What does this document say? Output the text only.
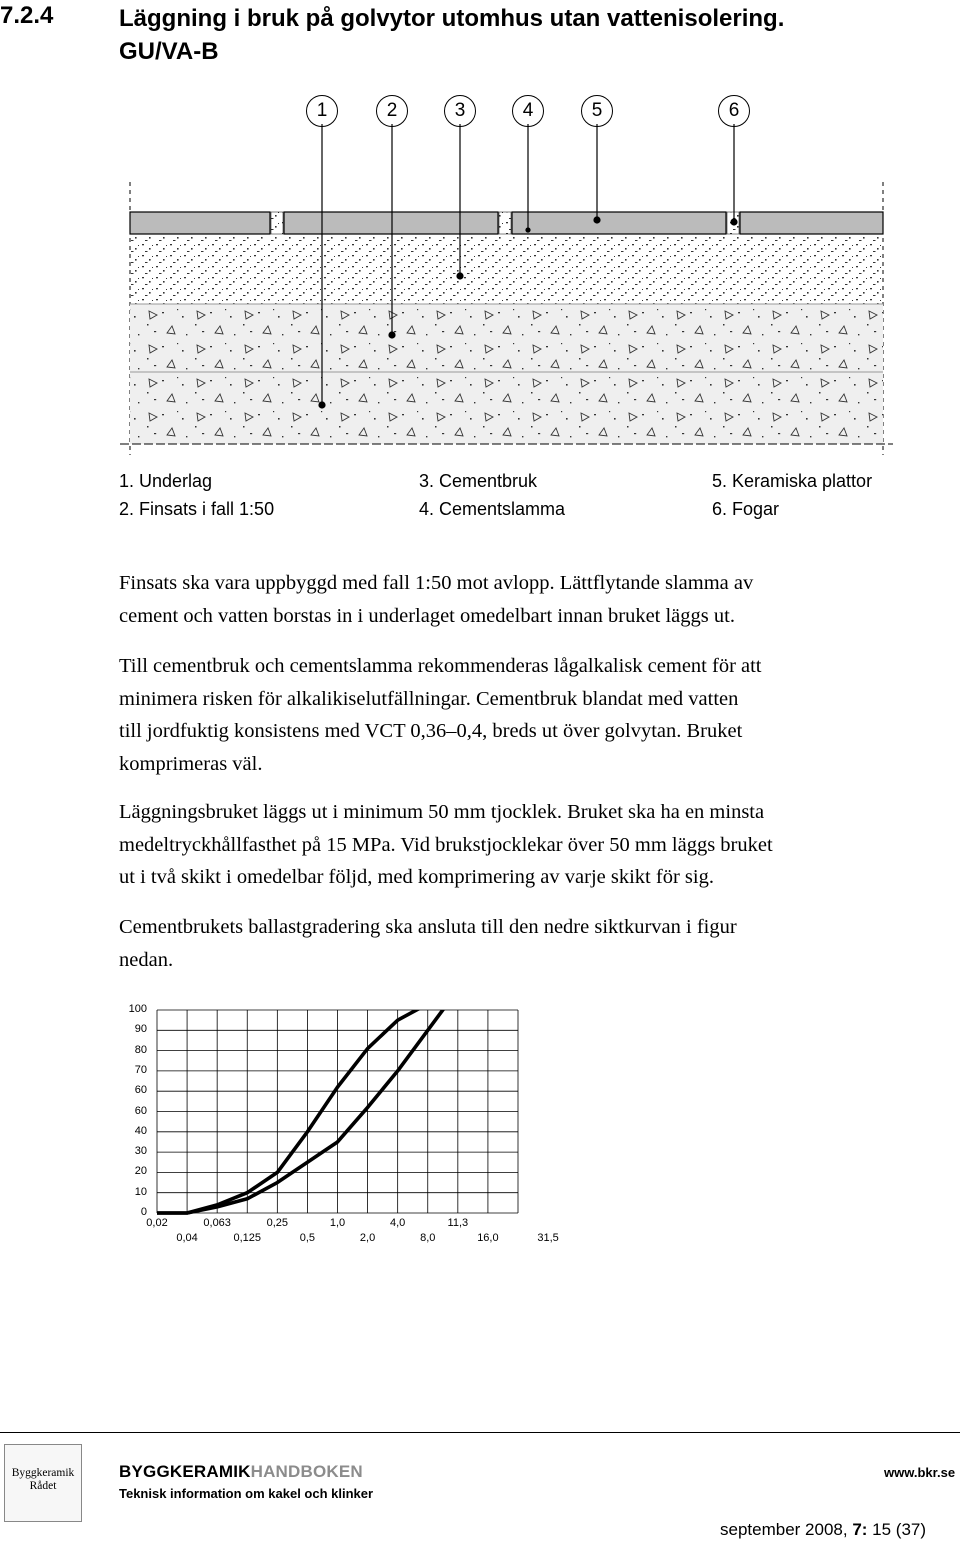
7.2.4	Läggning i bruk på golvytor utomhus utan vattenisolering.
GU/VA-B
1	2	3	4	5	6
1. Underlag
2. Finsats i fall 1:50
3. Cementbruk
4. Cementslamma
5. Keramiska plattor
6. Fogar
Finsats ska vara uppbyggd med fall 1:50 mot avlopp. Lättflytande slamma av
cement och vatten borstas in i underlaget omedelbart innan bruket läggs ut.
Till cementbruk och cementslamma rekommenderas lågalkalisk cement för att
minimera risken för alkalikiselutfällningar. Cementbruk blandat med vatten
till jordfuktig konsistens med VCT 0,36–0,4, breds ut över golvytan. Bruket
komprimeras väl.
Läggningsbruket läggs ut i minimum 50 mm tjocklek. Bruket ska ha en minsta
medeltryckhållfasthet på 15 MPa. Vid brukstjocklekar över 50 mm läggs bruket
ut i två skikt i omedelbar följd, med komprimering av varje skikt för sig.
Cementbrukets ballastgradering ska ansluta till den nedre siktkurvan i figur
nedan.
100
90
80
70
60
60
40
30
20
10
0
0,02	0,063	0,25	1,0	4,0	11,3
0,04	0,125	0,5	2,0	8,0	16,0	31,5
Byggkeramik
Rådet
BYGGKERAMIKHANDBOKEN
Teknisk information om kakel och klinker
www.bkr.se
september 2008, 7: 15 (37)
